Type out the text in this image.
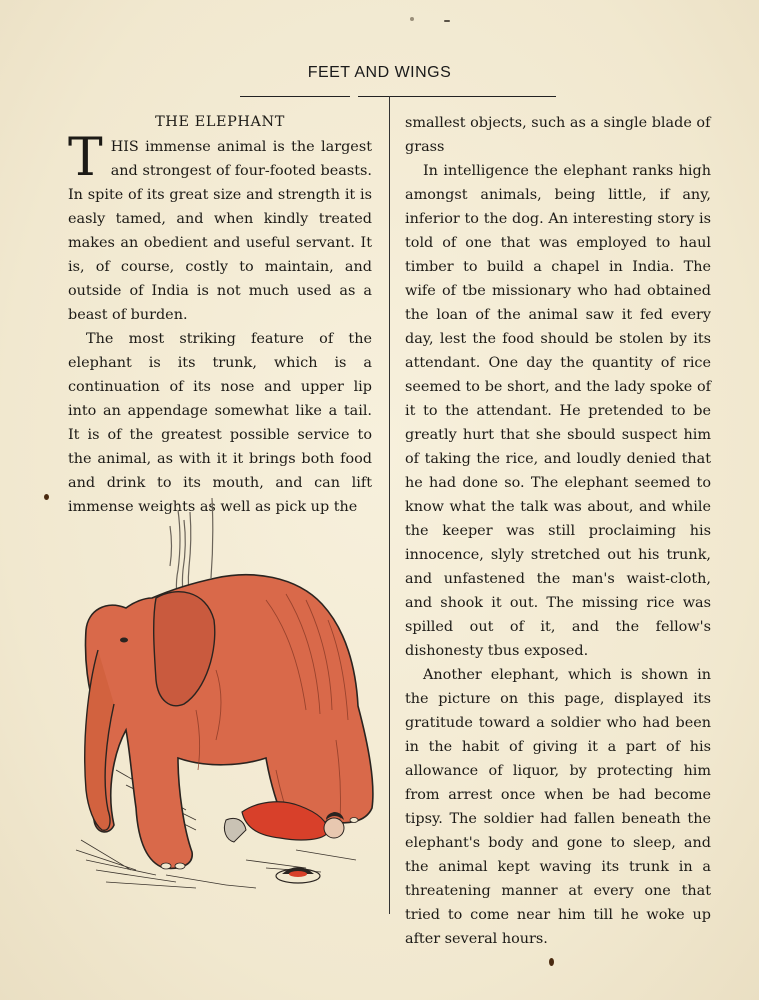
FEET AND WINGS
THE ELEPHANT

THIS immense animal is the largest and strongest of four-footed beasts. In spite of its great size and strength it is easly tamed, and when kindly treated makes an obedient and useful servant. It is, of course, costly to maintain, and outside of India is not much used as a beast of burden.

The most striking feature of the elephant is its trunk, which is a continuation of its nose and upper lip into an appendage somewhat like a tail. It is of the greatest possible service to the animal, as with it it brings both food and drink to its mouth, and can lift immense weights as well as pick up the

smallest objects, such as a single blade of grass

In intelligence the elephant ranks high amongst animals, being little, if any, inferior to the dog. An interesting story is told of one that was employed to haul timber to build a chapel in India. The wife of tbe missionary who had obtained the loan of the animal saw it fed every day, lest the food should be stolen by its attendant. One day the quantity of rice seemed to be short, and the lady spoke of it to the attendant. He pretended to be greatly hurt that she sbould suspect him of taking the rice, and loudly denied that he had done so. The elephant seemed to know what the talk was about, and while the keeper was still proclaiming his innocence, slyly stretched out his trunk, and unfastened the man's waist-cloth, and shook it out. The missing rice was spilled out of it, and the fellow's dishonesty tbus exposed.

Another elephant, which is shown in the picture on this page, displayed its gratitude toward a soldier who had been in the habit of giving it a part of his allowance of liquor, by protecting him from arrest once when be had become tipsy. The soldier had fallen beneath the elephant's body and gone to sleep, and the animal kept waving its trunk in a threatening manner at every one that tried to come near him till he woke up after several hours.
